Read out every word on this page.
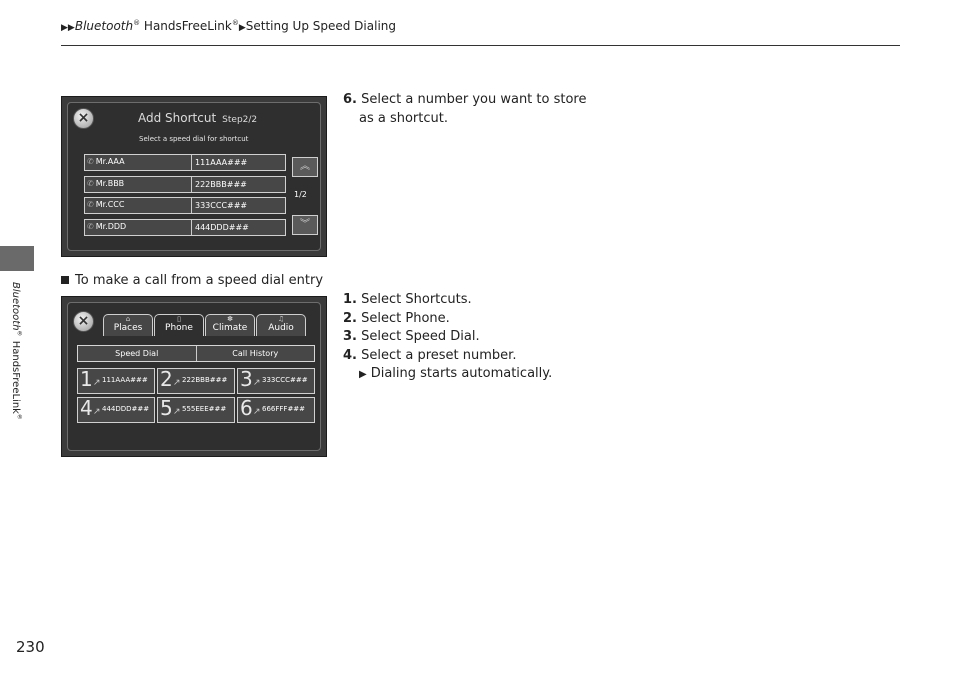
▶▶Bluetooth® HandsFreeLink®▶Setting Up Speed Dialing
Bluetooth® HandsFreeLink®
230
×	Add Shortcut Step2/2
Select a speed dial for shortcut
✆ Mr.AAA	111AAA###
✆ Mr.BBB	222BBB###
✆ Mr.CCC	333CCC###
✆ Mr.DDD	444DDD###
︽
1/2
︾
6. Select a number you want to store
as a shortcut.
To make a call from a speed dial entry
×	⌂
Places
▯
Phone
✽
Climate
♫
Audio
Speed Dial	Call History
1 ↗ 111AAA### 2 ↗ 222BBB### 3 ↗ 333CCC###
4 ↗ 444DDD### 5 ↗ 555EEE### 6 ↗ 666FFF###
1. Select Shortcuts.
2. Select Phone.
3. Select Speed Dial.
4. Select a preset number.
▶ Dialing starts automatically.
